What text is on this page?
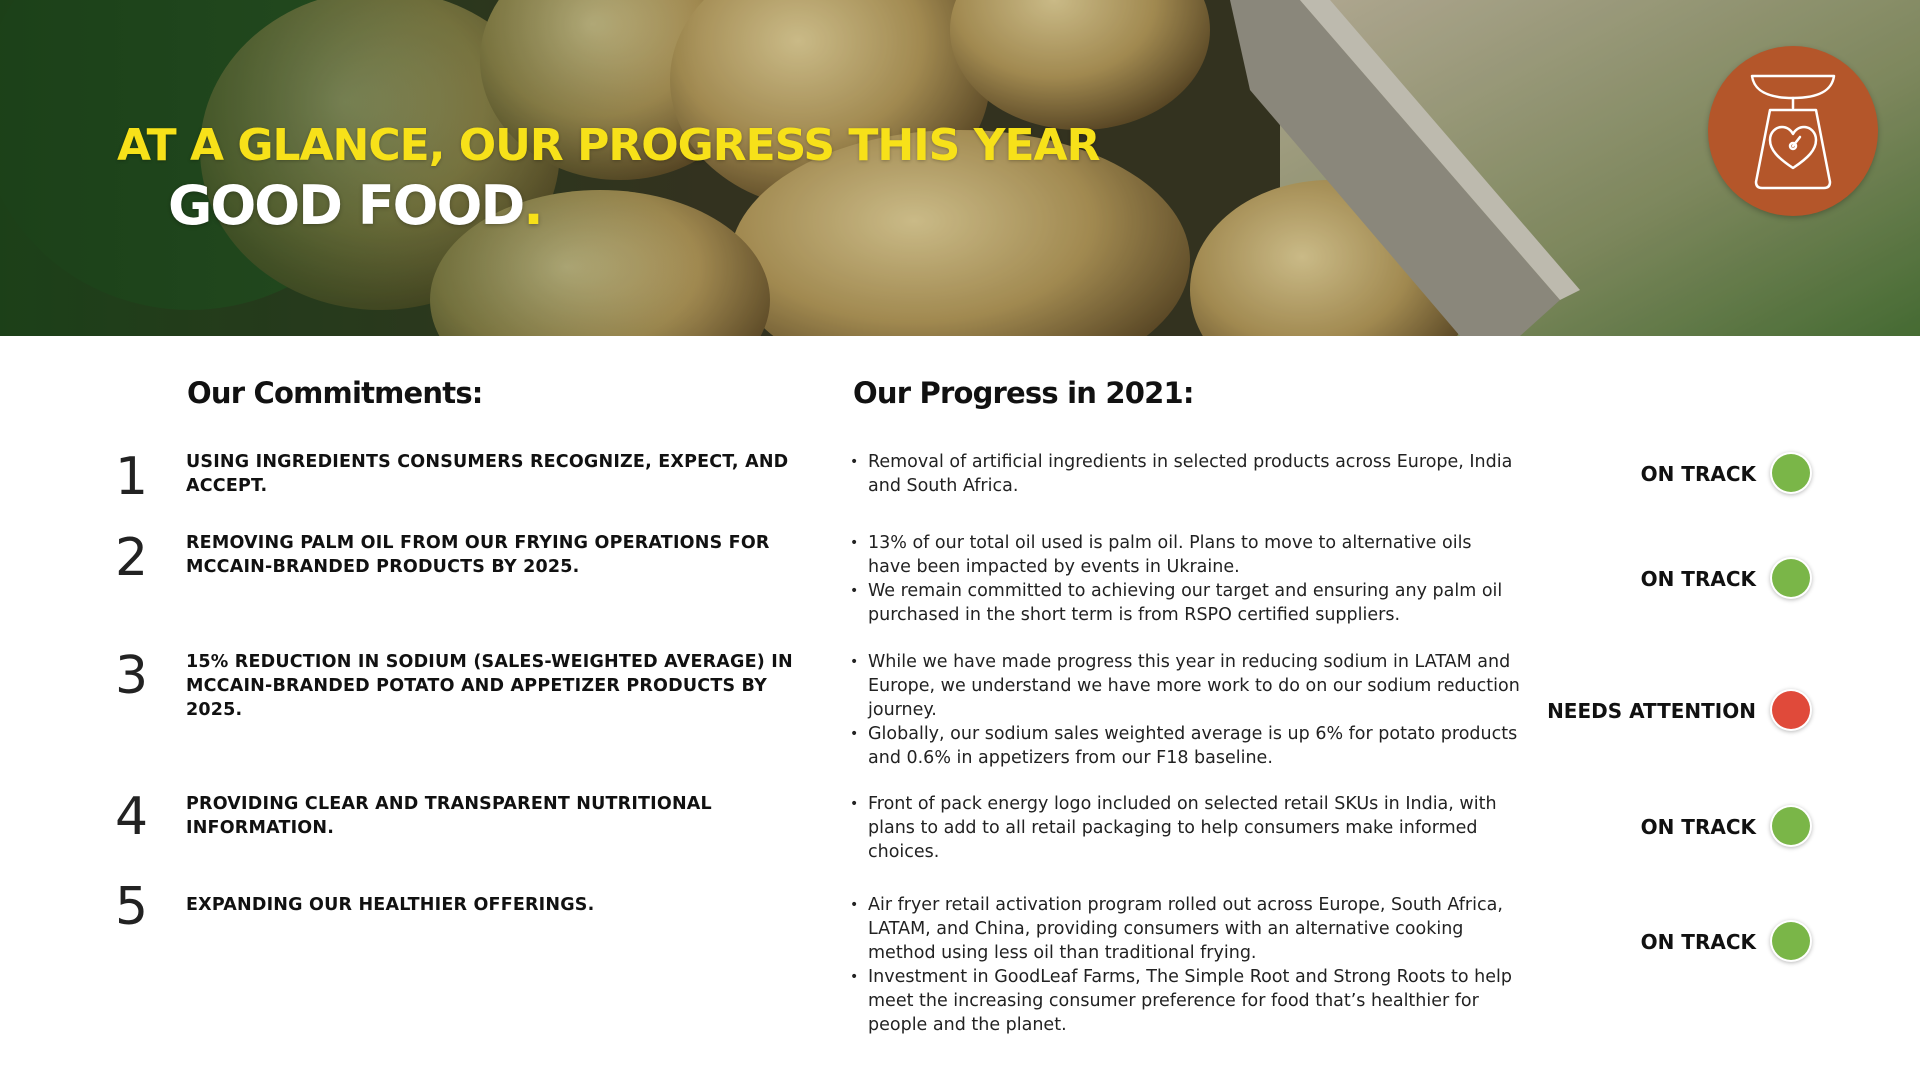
AT A GLANCE, OUR PROGRESS THIS YEAR
GOOD FOOD.
Our Commitments:	Our Progress in 2021:
1	USING INGREDIENTS CONSUMERS RECOGNIZE, EXPECT, AND ACCEPT.
• Removal of artificial ingredients in selected products across Europe, India and South Africa.	ON TRACK
2	REMOVING PALM OIL FROM OUR FRYING OPERATIONS FOR MCCAIN-BRANDED PRODUCTS BY 2025.
• 13% of our total oil used is palm oil. Plans to move to alternative oils have been impacted by events in Ukraine.
• We remain committed to achieving our target and ensuring any palm oil purchased in the short term is from RSPO certified suppliers.
ON TRACK
3	15% REDUCTION IN SODIUM (SALES-WEIGHTED AVERAGE) IN MCCAIN-BRANDED POTATO AND APPETIZER PRODUCTS BY 2025.
• While we have made progress this year in reducing sodium in LATAM and Europe, we understand we have more work to do on our sodium reduction journey.
• Globally, our sodium sales weighted average is up 6% for potato products and 0.6% in appetizers from our F18 baseline.
NEEDS ATTENTION
4	PROVIDING CLEAR AND TRANSPARENT NUTRITIONAL INFORMATION.
• Front of pack energy logo included on selected retail SKUs in India, with plans to add to all retail packaging to help consumers make informed choices.
ON TRACK
5	EXPANDING OUR HEALTHIER OFFERINGS.
•	Air fryer retail activation program rolled out across Europe, South Africa, LATAM, and China, providing consumers with an alternative cooking method using less oil than traditional frying.
• Investment in GoodLeaf Farms, The Simple Root and Strong Roots to help meet the increasing consumer preference for food that’s healthier for people and the planet.
ON TRACK
